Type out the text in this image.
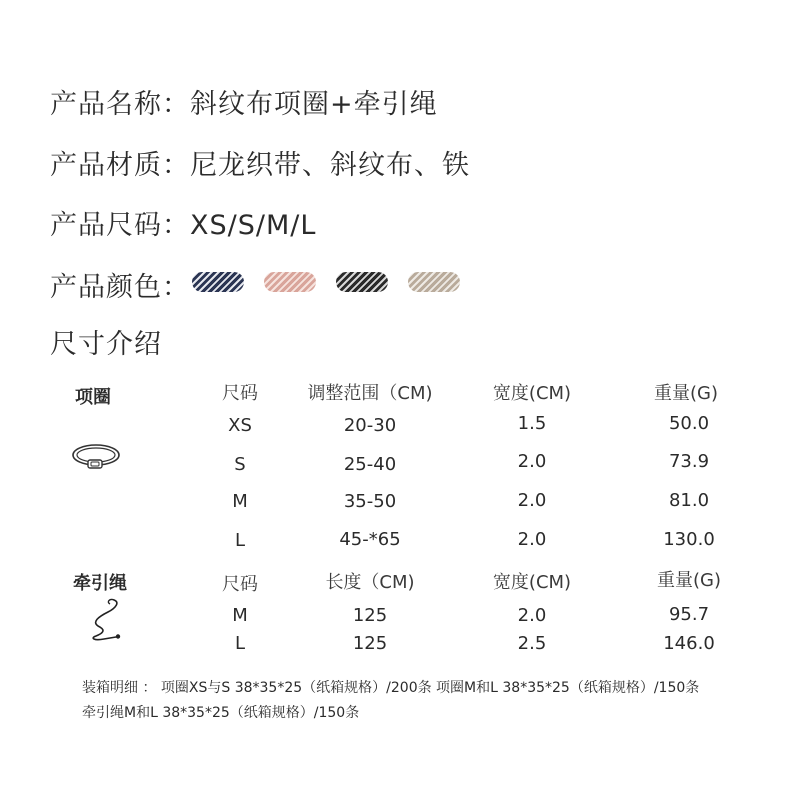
产品名称：斜纹布项圈+牵引绳
产品材质：尼龙织带、斜纹布、铁
产品尺码：XS/S/M/L
产品颜色：
尺寸介绍
项圈	尺码	调整范围（CM)	宽度(CM)	重量(G)
XS	20-30	1.5	50.0
S	25-40	2.0	73.9
M	35-50	2.0	81.0
L	45-*65	2.0	130.0
牵引绳	尺码	长度（CM)	宽度(CM)	重量(G)
M	125	2.0	95.7
L	125	2.5	146.0
装箱明细 ： 项圈XS与S 38*35*25（纸箱规格）/200条 项圈M和L 38*35*25（纸箱规格）/150条
牵引绳M和L 38*35*25（纸箱规格）/150条
